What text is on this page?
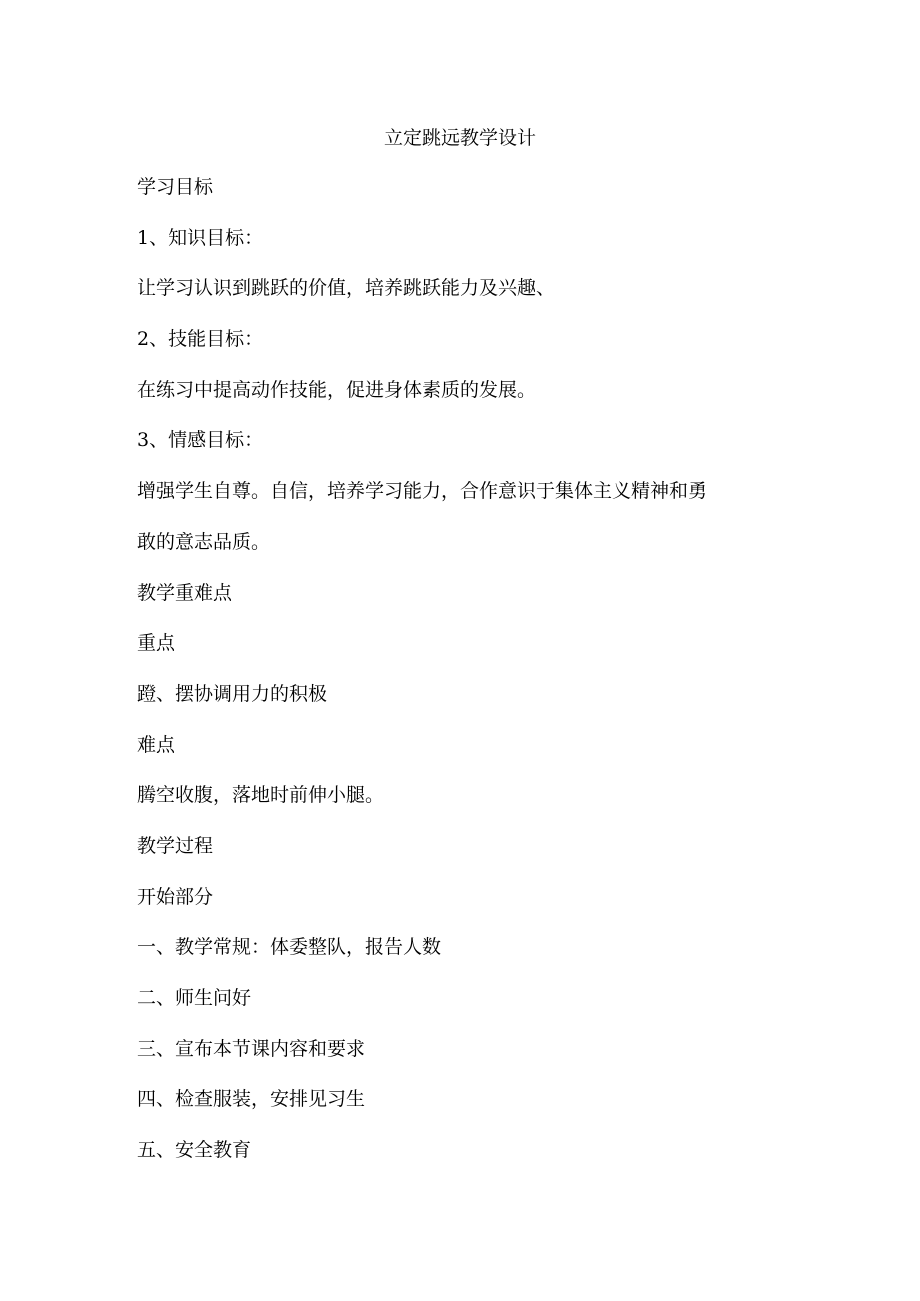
立定跳远教学设计
学习目标
1、知识目标：
让学习认识到跳跃的价值，培养跳跃能力及兴趣、
2、技能目标：
在练习中提高动作技能，促进身体素质的发展。
3、情感目标：
增强学生自尊。自信，培养学习能力，合作意识于集体主义精神和勇
敢的意志品质。
教学重难点
重点
蹬、摆协调用力的积极
难点
腾空收腹，落地时前伸小腿。
教学过程
开始部分
一、教学常规：体委整队，报告人数
二、师生问好
三、宣布本节课内容和要求
四、检查服装，安排见习生
五、安全教育
